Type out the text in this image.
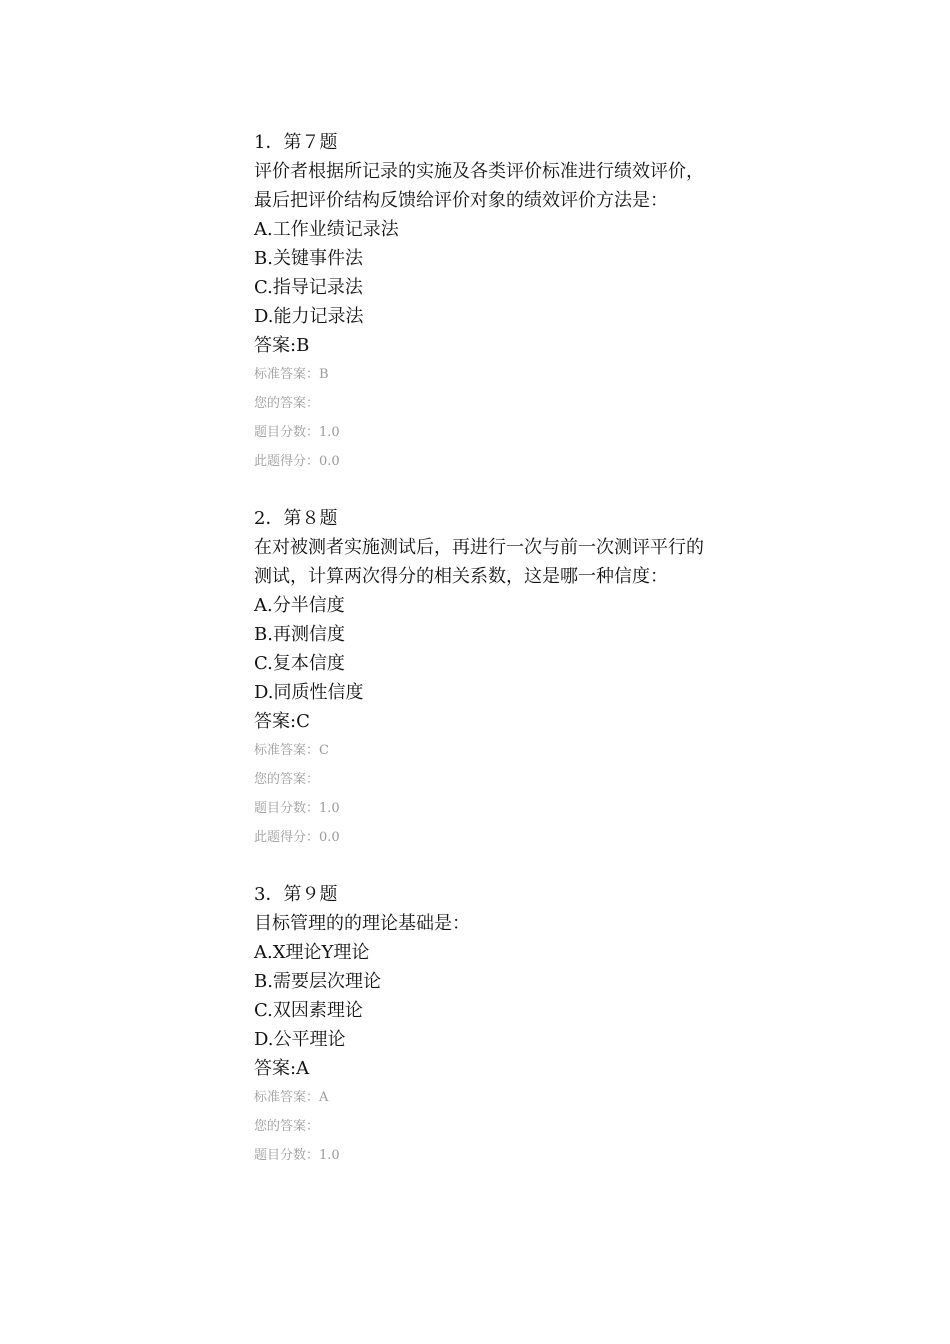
1．第７题
评价者根据所记录的实施及各类评价标准进行绩效评价，最后把评价结构反馈给评价对象的绩效评价方法是：
A.工作业绩记录法
B.关键事件法
C.指导记录法
D.能力记录法
答案:B
标准答案：B
您的答案：
题目分数：1.0
此题得分：0.0
2．第８题
在对被测者实施测试后，再进行一次与前一次测评平行的测试，计算两次得分的相关系数，这是哪一种信度：
A.分半信度
B.再测信度
C.复本信度
D.同质性信度
答案:C
标准答案：C
您的答案：
题目分数：1.0
此题得分：0.0
3．第９题
目标管理的的理论基础是：
A.X理论Y理论
B.需要层次理论
C.双因素理论
D.公平理论
答案:A
标准答案：A
您的答案：
题目分数：1.0
